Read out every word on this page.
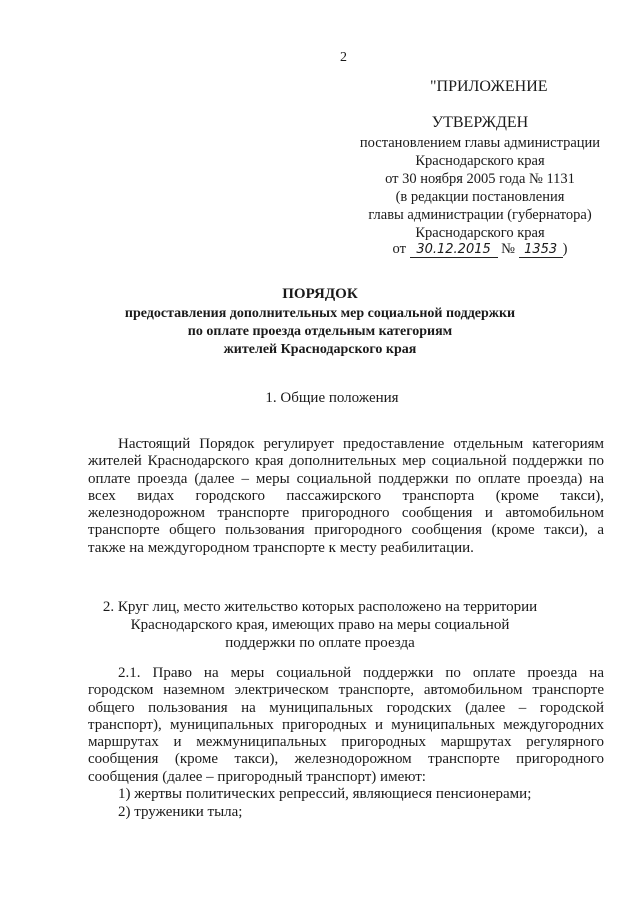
2
"ПРИЛОЖЕНИЕ
УТВЕРЖДЕН
постановлением главы администрации
Краснодарского края
от 30 ноября 2005 года № 1131
(в редакции постановления
главы администрации (губернатора)
Краснодарского края
от 30.12.2015 № 1353 )
ПОРЯДОК
предоставления дополнительных мер социальной поддержки
по оплате проезда отдельным категориям
жителей Краснодарского края
1. Общие положения
Настоящий Порядок регулирует предоставление отдельным категориям
жителей Краснодарского края дополнительных мер социальной поддержки по
оплате проезда (далее – меры социальной поддержки по оплате проезда) на
всех видах городского пассажирского транспорта (кроме такси),
железнодорожном транспорте пригородного сообщения и автомобильном
транспорте общего пользования пригородного сообщения (кроме такси), а
также на междугородном транспорте к месту реабилитации.
2. Круг лиц, место жительство которых расположено на территории
Краснодарского края, имеющих право на меры социальной
поддержки по оплате проезда
2.1. Право на меры социальной поддержки по оплате проезда на
городском наземном электрическом транспорте, автомобильном транспорте
общего пользования на муниципальных городских (далее – городской
транспорт), муниципальных пригородных и муниципальных междугородних
маршрутах и межмуниципальных пригородных маршрутах регулярного
сообщения (кроме такси), железнодорожном транспорте пригородного
сообщения (далее – пригородный транспорт) имеют:
1) жертвы политических репрессий, являющиеся пенсионерами;
2) труженики тыла;
